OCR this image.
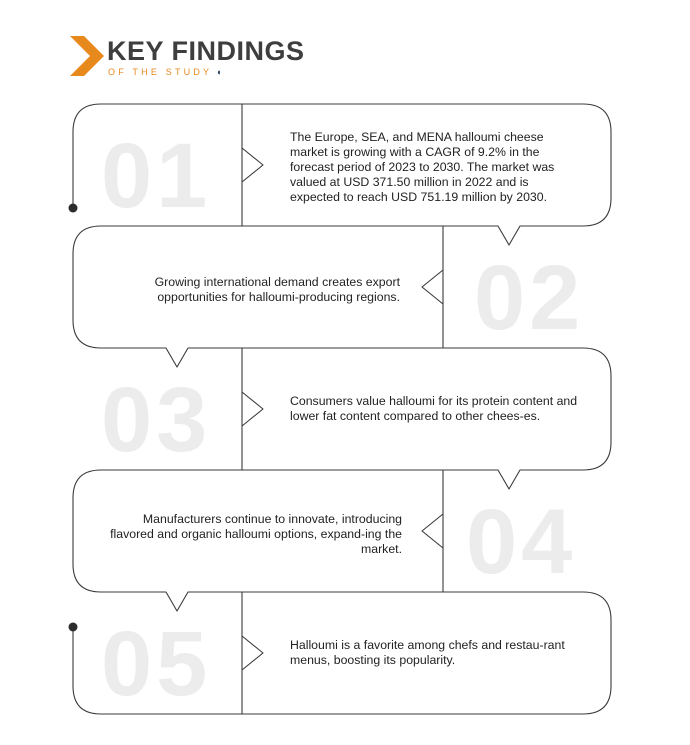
KEY FINDINGS
OF THE STUDY ◖
01	The Europe, SEA, and MENA halloumi cheese market is growing with a CAGR of 9.2% in the forecast period of 2023 to 2030. The market was valued at USD 371.50 million in 2022 and is expected to reach USD 751.19 million by 2030.
02
Growing international demand creates export opportunities for halloumi-producing regions.
03	Consumers value halloumi for its protein content and lower fat content compared to other chees-es.
04
Manufacturers continue to innovate, introducing flavored and organic halloumi options, expand-ing the market.
05	Halloumi is a favorite among chefs and restau-rant menus, boosting its popularity.
